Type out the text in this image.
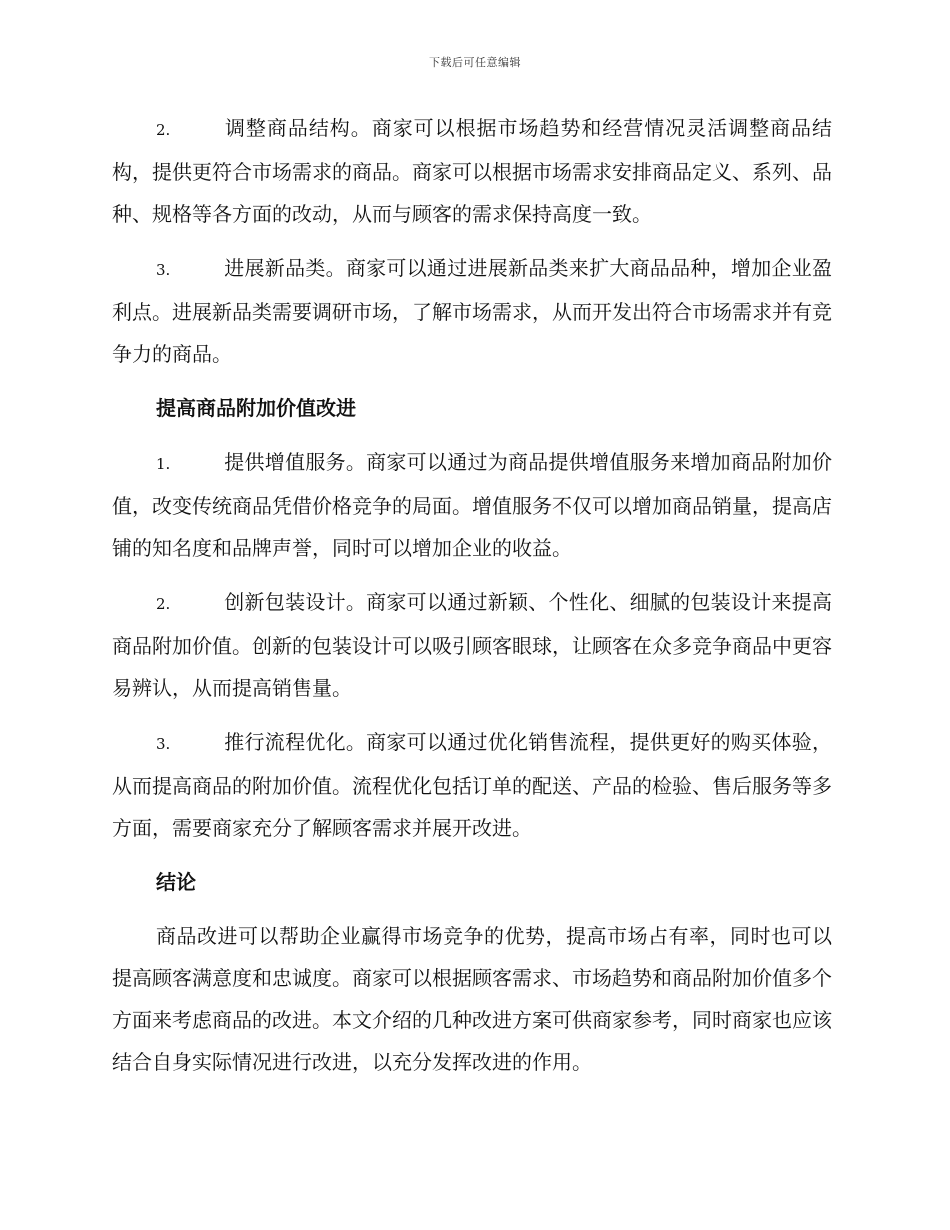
下载后可任意编辑

2.	调整商品结构。商家可以根据市场趋势和经营情况灵活调整商品结构，提供更符合市场需求的商品。商家可以根据市场需求安排商品定义、系列、品种、规格等各方面的改动，从而与顾客的需求保持高度一致。

3.	进展新品类。商家可以通过进展新品类来扩大商品品种，增加企业盈利点。进展新品类需要调研市场，了解市场需求，从而开发出符合市场需求并有竞争力的商品。

提高商品附加价值改进

1.	提供增值服务。商家可以通过为商品提供增值服务来增加商品附加价值，改变传统商品凭借价格竞争的局面。增值服务不仅可以增加商品销量，提高店铺的知名度和品牌声誉，同时可以增加企业的收益。

2.	创新包装设计。商家可以通过新颖、个性化、细腻的包装设计来提高商品附加价值。创新的包装设计可以吸引顾客眼球，让顾客在众多竞争商品中更容易辨认，从而提高销售量。

3.	推行流程优化。商家可以通过优化销售流程，提供更好的购买体验，从而提高商品的附加价值。流程优化包括订单的配送、产品的检验、售后服务等多方面，需要商家充分了解顾客需求并展开改进。

结论

商品改进可以帮助企业赢得市场竞争的优势，提高市场占有率，同时也可以提高顾客满意度和忠诚度。商家可以根据顾客需求、市场趋势和商品附加价值多个方面来考虑商品的改进。本文介绍的几种改进方案可供商家参考，同时商家也应该结合自身实际情况进行改进，以充分发挥改进的作用。
